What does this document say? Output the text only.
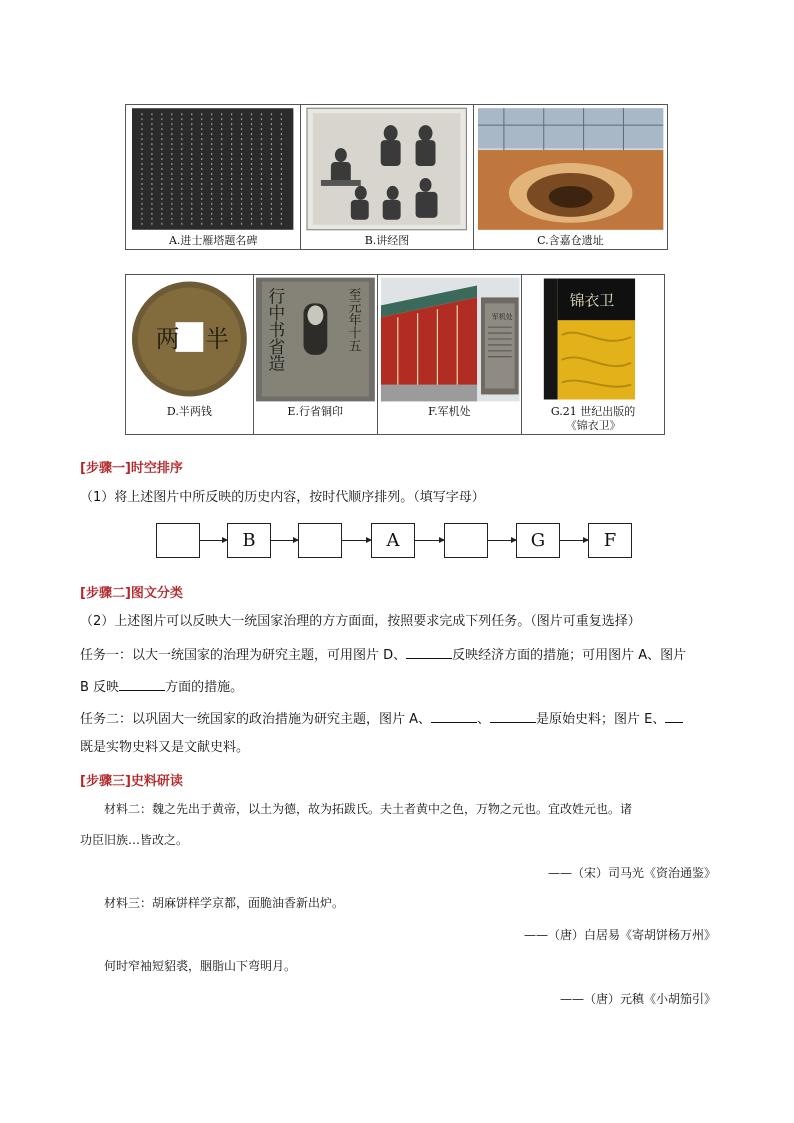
A.进士雁塔题名碑	B.讲经图	C.含嘉仓遗址
两 半
D.半两钱

行中书省造	至元年十五
E.行省铜印

军机处
F.军机处

锦衣卫
G.21 世纪出版的
《锦衣卫》
[步骤一]时空排序
（1）将上述图片中所反映的历史内容，按时代顺序排列。（填写字母）
B	A	G	F
[步骤二]图文分类
（2）上述图片可以反映大一统国家治理的方方面面，按照要求完成下列任务。（图片可重复选择）
任务一：以大一统国家的治理为研究主题，可用图片 D、	反映经济方面的措施；可用图片 A、图片
B 反映	方面的措施。
任务二：以巩固大一统国家的政治措施为研究主题，图片 A、	、	是原始史料；图片 E、
既是实物史料又是文献史料。
[步骤三]史料研读
材料二：魏之先出于黄帝，以土为德，故为拓跋氏。夫土者黄中之色，万物之元也。宜改姓元也。诸
功臣旧族…皆改之。
——（宋）司马光《资治通鉴》
材料三：胡麻饼样学京都，面脆油香新出炉。
——（唐）白居易《寄胡饼杨万州》
何时窄袖短貂裘，胭脂山下弯明月。
——（唐）元稹《小胡笳引》
